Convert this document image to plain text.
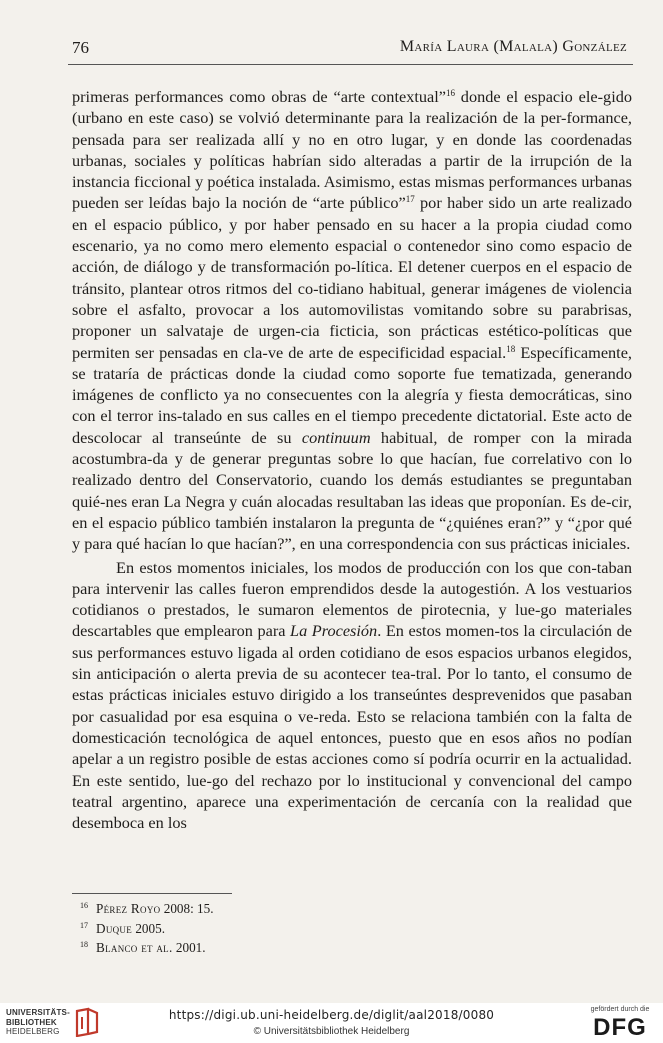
76	María Laura (Malala) González

primeras performances como obras de “arte contextual”$^{16}$ donde el espacio ele-gido (urbano en este caso) se volvió determinante para la realización de la per-formance, pensada para ser realizada allí y no en otro lugar, y en donde las coordenadas urbanas, sociales y políticas habrían sido alteradas a partir de la irrupción de la instancia ficcional y poética instalada. Asimismo, estas mismas performances urbanas pueden ser leídas bajo la noción de “arte público”$^{17}$ por haber sido un arte realizado en el espacio público, y por haber pensado en su hacer a la propia ciudad como escenario, ya no como mero elemento espacial o contenedor sino como espacio de acción, de diálogo y de transformación po-lítica. El detener cuerpos en el espacio de tránsito, plantear otros ritmos del co-tidiano habitual, generar imágenes de violencia sobre el asfalto, provocar a los automovilistas vomitando sobre su parabrisas, proponer un salvataje de urgen-cia ficticia, son prácticas estético-políticas que permiten ser pensadas en cla-ve de arte de especificidad espacial.$^{18}$ Específicamente, se trataría de prácticas donde la ciudad como soporte fue tematizada, generando imágenes de conflicto ya no consecuentes con la alegría y fiesta democráticas, sino con el terror ins-talado en sus calles en el tiempo precedente dictatorial. Este acto de descolocar al transeúnte de su continuum habitual, de romper con la mirada acostumbra-da y de generar preguntas sobre lo que hacían, fue correlativo con lo realizado dentro del Conservatorio, cuando los demás estudiantes se preguntaban quié-nes eran La Negra y cuán alocadas resultaban las ideas que proponían. Es de-cir, en el espacio público también instalaron la pregunta de “¿quiénes eran?” y “¿por qué y para qué hacían lo que hacían?”, en una correspondencia con sus prácticas iniciales.

En estos momentos iniciales, los modos de producción con los que con-taban para intervenir las calles fueron emprendidos desde la autogestión. A los vestuarios cotidianos o prestados, le sumaron elementos de pirotecnia, y lue-go materiales descartables que emplearon para La Procesión. En estos momen-tos la circulación de sus performances estuvo ligada al orden cotidiano de esos espacios urbanos elegidos, sin anticipación o alerta previa de su acontecer tea-tral. Por lo tanto, el consumo de estas prácticas iniciales estuvo dirigido a los transeúntes desprevenidos que pasaban por casualidad por esa esquina o ve-reda. Esto se relaciona también con la falta de domesticación tecnológica de aquel entonces, puesto que en esos años no podían apelar a un registro posible de estas acciones como sí podría ocurrir en la actualidad. En este sentido, lue-go del rechazo por lo institucional y convencional del campo teatral argentino, aparece una experimentación de cercanía con la realidad que desemboca en los

$^{16}$ Pérez Royo 2008: 15.
$^{17}$ Duque 2005.
$^{18}$ Blanco et al. 2001.
UNIVERSITÄTS-
BIBLIOTHEK
HEIDELBERG
https://digi.ub.uni-heidelberg.de/diglit/aal2018/0080
© Universitätsbibliothek Heidelberg
gefördert durch die
DFG
